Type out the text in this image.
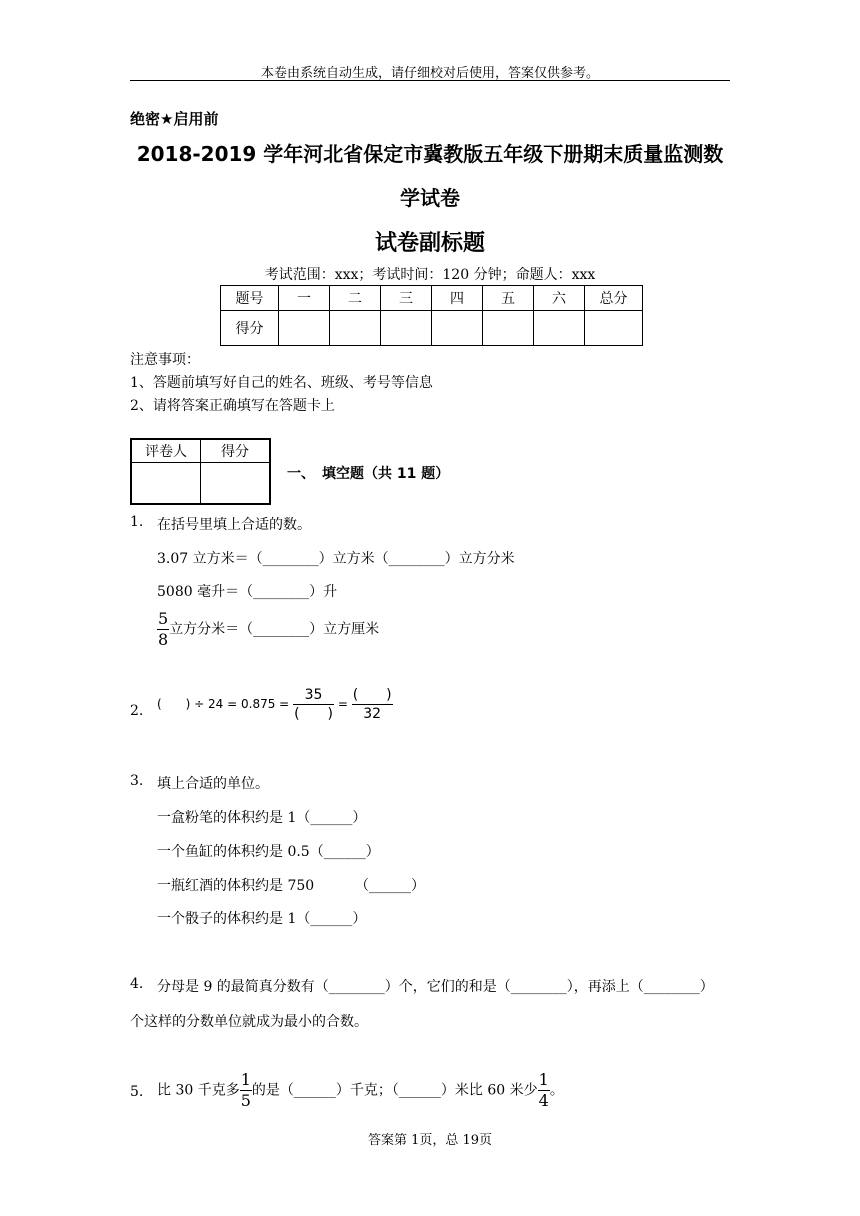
本卷由系统自动生成，请仔细校对后使用，答案仅供参考。
绝密★启用前
2018-2019 学年河北省保定市冀教版五年级下册期末质量监测数
学试卷
试卷副标题
考试范围：xxx；考试时间：120 分钟；命题人：xxx
题号	一	二	三	四	五	六	总分
得分							
注意事项：
1、答题前填写好自己的姓名、班级、考号等信息
2、请将答案正确填写在答题卡上
评卷人	得分

一、　填空题（共 11 题）
1. 在括号里填上合适的数。
3.07 立方米＝（________）立方米（________）立方分米
5080 毫升＝（________）升
$\frac{5}{8}$ 立方分米＝（________）立方厘米
2. (　　) ÷ $24 = 0.875 = \frac{35}{( )} = \frac{( )}{32}$
3. 填上合适的单位。
一盒粉笔的体积约是 1（______）
一个鱼缸的体积约是 0.5（______）
一瓶红酒的体积约是 750	（______）
一个骰子的体积约是 1（______）
4. 分母是 9 的最简真分数有（________）个，它们的和是（________），再添上（________）
个这样的分数单位就成为最小的合数。
5. 比 30 千克多 $\frac{1}{5}$ 的是（______）千克；（______）米比 60 米少 $\frac{1}{4}$ 。
答案第 1页，总 19页
